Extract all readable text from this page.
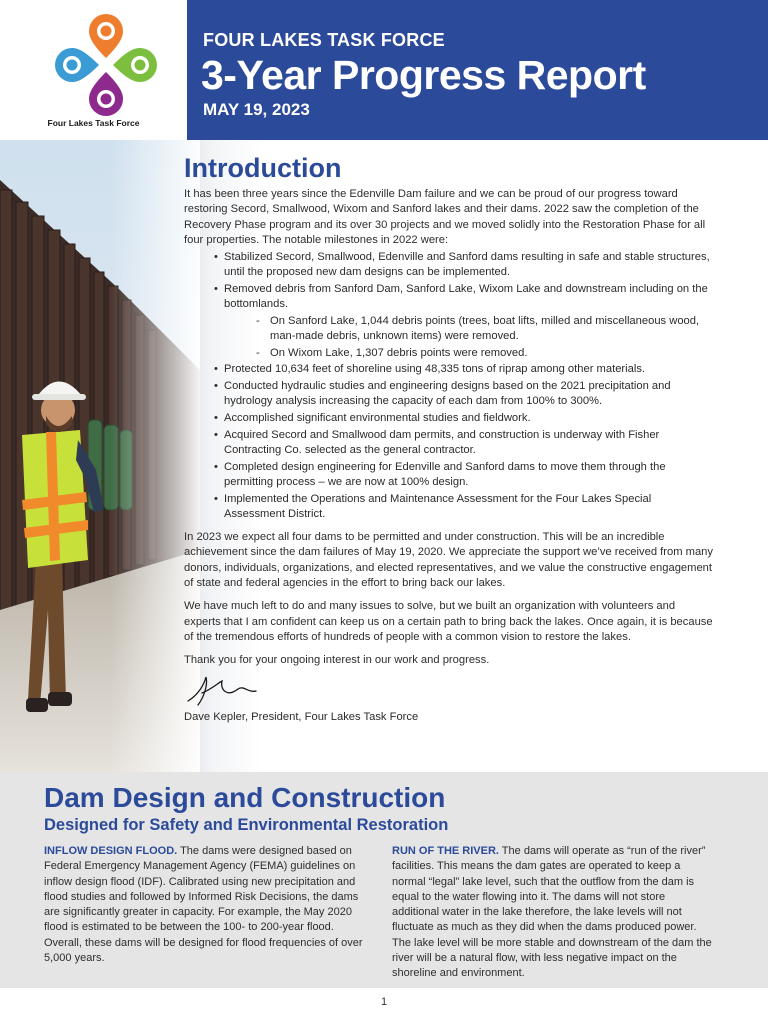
Four Lakes Task Force
FOUR LAKES TASK FORCE
3-Year Progress Report
MAY 19, 2023
Introduction

It has been three years since the Edenville Dam failure and we can be proud of our progress toward restoring Secord, Smallwood, Wixom and Sanford lakes and their dams. 2022 saw the completion of the Recovery Phase program and its over 30 projects and we moved solidly into the Restoration Phase for all four properties. The notable milestones in 2022 were:

• Stabilized Secord, Smallwood, Edenville and Sanford dams resulting in safe and stable structures, until the proposed new dam designs can be implemented.
• Removed debris from Sanford Dam, Sanford Lake, Wixom Lake and downstream including on the bottomlands.
- On Sanford Lake, 1,044 debris points (trees, boat lifts, milled and miscellaneous wood, man-made debris, unknown items) were removed.
- On Wixom Lake, 1,307 debris points were removed.
• Protected 10,634 feet of shoreline using 48,335 tons of riprap among other materials.
• Conducted hydraulic studies and engineering designs based on the 2021 precipitation and hydrology analysis increasing the capacity of each dam from 100% to 300%.
• Accomplished significant environmental studies and fieldwork.
• Acquired Secord and Smallwood dam permits, and construction is underway with Fisher Contracting Co. selected as the general contractor.
• Completed design engineering for Edenville and Sanford dams to move them through the permitting process – we are now at 100% design.
• Implemented the Operations and Maintenance Assessment for the Four Lakes Special Assessment District.

In 2023 we expect all four dams to be permitted and under construction. This will be an incredible achievement since the dam failures of May 19, 2020. We appreciate the support we’ve received from many donors, individuals, organizations, and elected representatives, and we value the constructive engagement of state and federal agencies in the effort to bring back our lakes.

We have much left to do and many issues to solve, but we built an organization with volunteers and experts that I am confident can keep us on a certain path to bring back the lakes. Once again, it is because of the tremendous efforts of hundreds of people with a common vision to restore the lakes.

Thank you for your ongoing interest in our work and progress.

Dave Kepler, President, Four Lakes Task Force

Dam Design and Construction
Designed for Safety and Environmental Restoration

INFLOW DESIGN FLOOD. The dams were designed based on Federal Emergency Management Agency (FEMA) guidelines on inflow design flood (IDF). Calibrated using new precipitation and flood studies and followed by Informed Risk Decisions, the dams are significantly greater in capacity. For example, the May 2020 flood is estimated to be between the 100- to 200-year flood. Overall, these dams will be designed for flood frequencies of over 5,000 years.

RUN OF THE RIVER. The dams will operate as “run of the river” facilities. This means the dam gates are operated to keep a normal “legal” lake level, such that the outflow from the dam is equal to the water flowing into it. The dams will not store additional water in the lake therefore, the lake levels will not fluctuate as much as they did when the dams produced power. The lake level will be more stable and downstream of the dam the river will be a natural flow, with less negative impact on the shoreline and environment.

1
